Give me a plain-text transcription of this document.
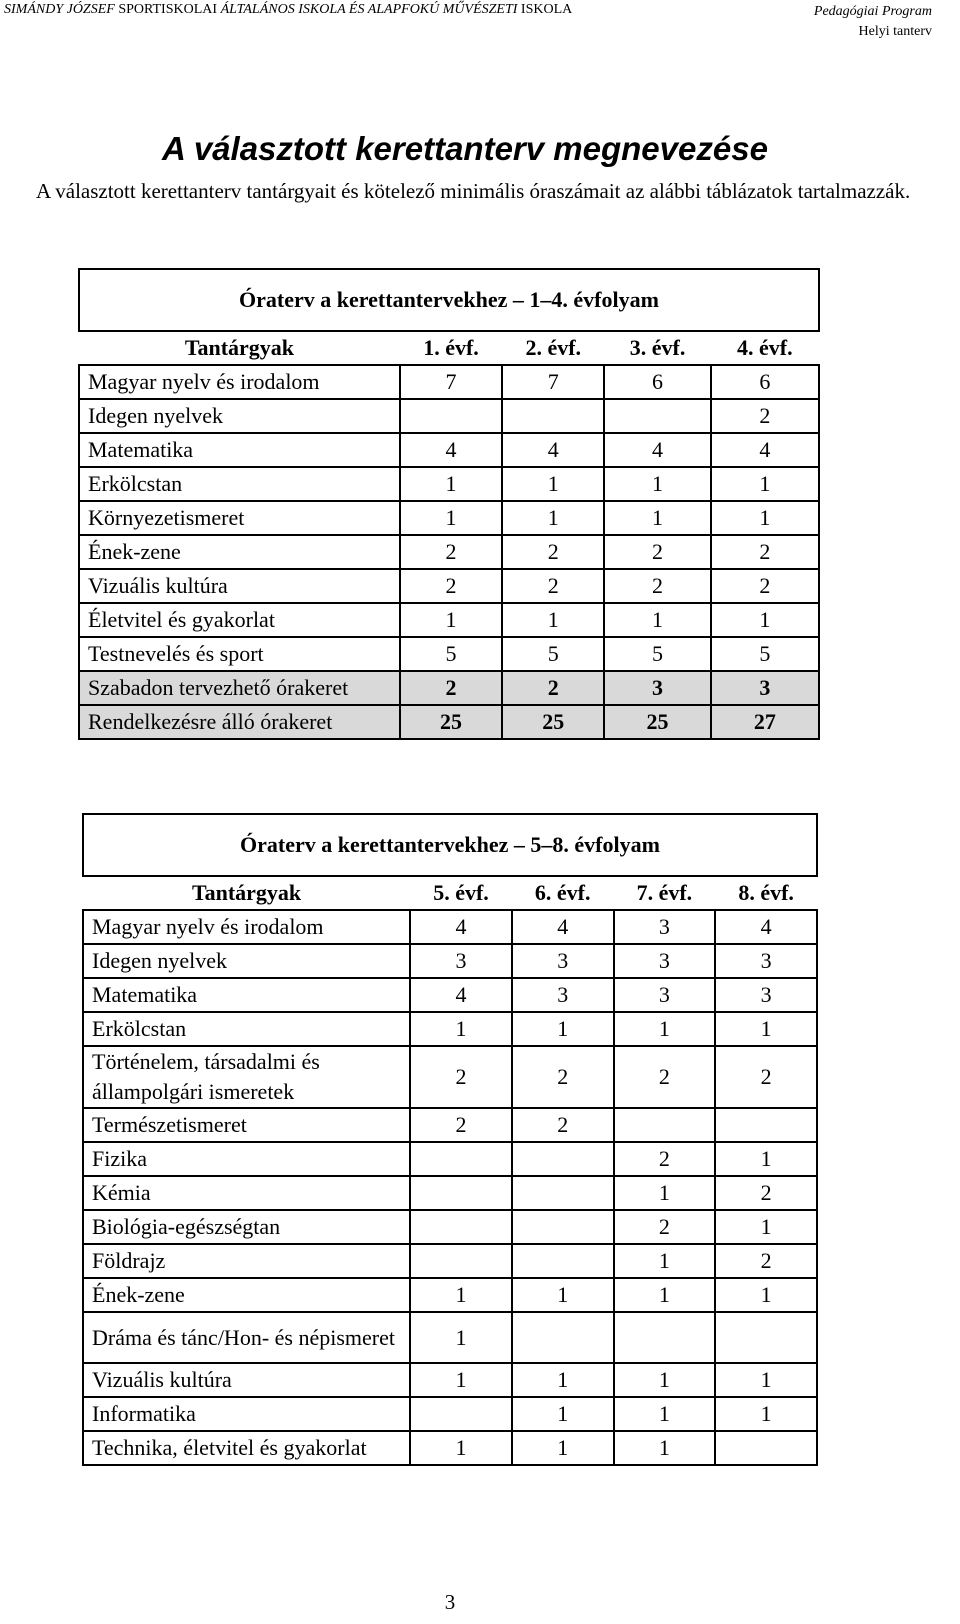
SIMÁNDY JÓZSEF SPORTISKOLAI ÁLTALÁNOS ISKOLA ÉS ALAPFOKÚ MŰVÉSZETI ISKOLA	Pedagógiai Program
Helyi tanterv
A választott kerettanterv megnevezése
A választott kerettanterv tantárgyait és kötelező minimális óraszámait az alábbi táblázatok tartalmazzák.
Óraterv a kerettantervekhez – 1–4. évfolyam				
Tantárgyak	1. évf.	2. évf.	3. évf.	4. évf.
Magyar nyelv és irodalom	7	7	6	6
Idegen nyelvek				2
Matematika	4	4	4	4
Erkölcstan	1	1	1	1
Környezetismeret	1	1	1	1
Ének-zene	2	2	2	2
Vizuális kultúra	2	2	2	2
Életvitel és gyakorlat	1	1	1	1
Testnevelés és sport	5	5	5	5
Szabadon tervezhető órakeret	2	2	3	3
Rendelkezésre álló órakeret	25	25	25	27
Óraterv a kerettantervekhez – 5–8. évfolyam				
Tantárgyak	5. évf.	6. évf.	7. évf.	8. évf.
Magyar nyelv és irodalom	4	4	3	4
Idegen nyelvek	3	3	3	3
Matematika	4	3	3	3
Erkölcstan	1	1	1	1
Történelem, társadalmi és állampolgári ismeretek	2	2	2	2
Természetismeret	2	2		
Fizika			2	1
Kémia			1	2
Biológia-egészségtan			2	1
Földrajz			1	2
Ének-zene	1	1	1	1
Dráma és tánc/Hon- és népismeret	1			
Vizuális kultúra	1	1	1	1
Informatika		1	1	1
Technika, életvitel és gyakorlat	1	1	1	
3
